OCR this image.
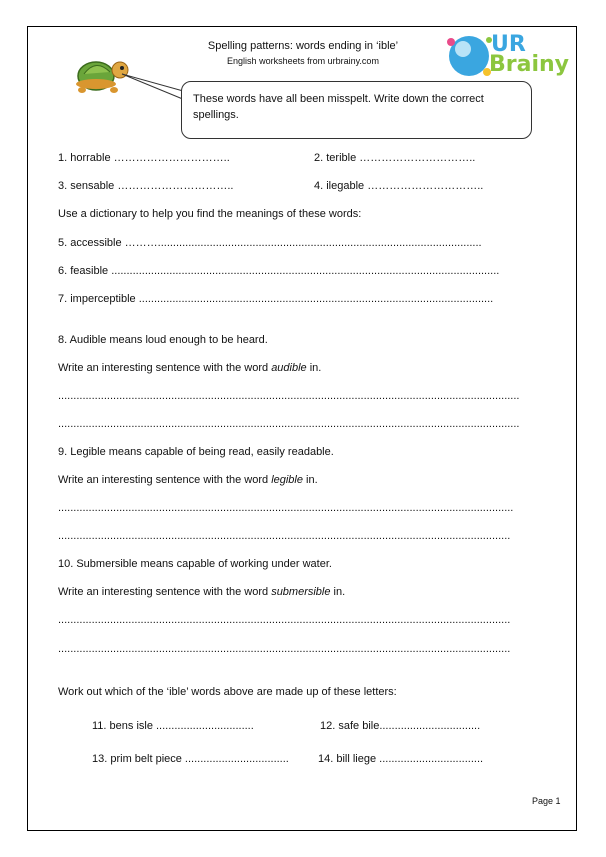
UR
Brainy
Spelling patterns: words ending in ‘ible’
English worksheets from urbrainy.com
These words have all been misspelt. Write down the correct spellings.
1. horrable …………………………..	2. terible …………………………..
3. sensable …………………………..	4. ilegable …………………………..
Use a dictionary to help you find the meanings of these words:
5. accessible ………..........................................................................................................
6. feasible ...............................................................................................................................
7. imperceptible ....................................................................................................................
8. Audible means loud enough to be heard.
Write an interesting sentence with the word audible in.
.......................................................................................................................................................
.......................................................................................................................................................
9. Legible means capable of being read, easily readable.
Write an interesting sentence with the word legible in.
.....................................................................................................................................................
....................................................................................................................................................
10. Submersible means capable of working under water.
Write an interesting sentence with the word submersible in.
....................................................................................................................................................
....................................................................................................................................................
Work out which of the ‘ible’ words above are made up of these letters:
11. bens isle ................................	12. safe bile.................................
13. prim belt piece ..................................	14. bill liege ..................................
Page 1
